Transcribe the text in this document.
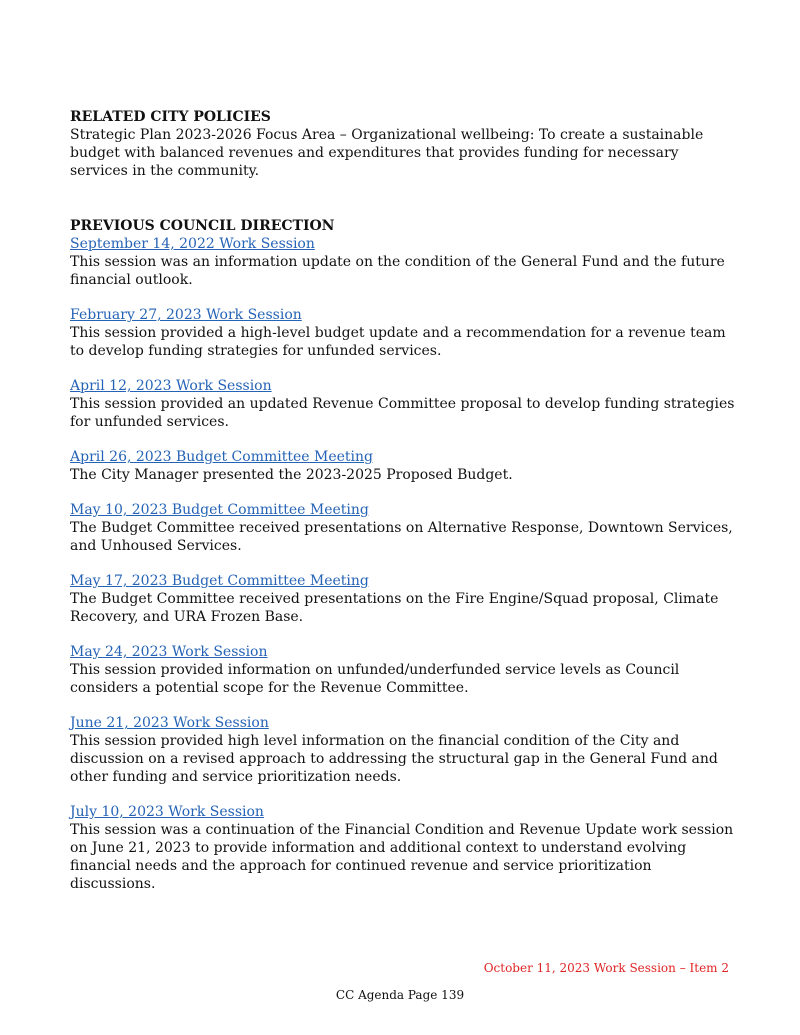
RELATED CITY POLICIES

Strategic Plan 2023-2026 Focus Area – Organizational wellbeing: To create a sustainable budget with balanced revenues and expenditures that provides funding for necessary services in the community.

PREVIOUS COUNCIL DIRECTION

September 14, 2022 Work Session

This session was an information update on the condition of the General Fund and the future financial outlook.

February 27, 2023 Work Session

This session provided a high-level budget update and a recommendation for a revenue team to develop funding strategies for unfunded services.

April 12, 2023 Work Session

This session provided an updated Revenue Committee proposal to develop funding strategies for unfunded services.

April 26, 2023 Budget Committee Meeting

The City Manager presented the 2023-2025 Proposed Budget.

May 10, 2023 Budget Committee Meeting

The Budget Committee received presentations on Alternative Response, Downtown Services, and Unhoused Services.

May 17, 2023 Budget Committee Meeting

The Budget Committee received presentations on the Fire Engine/Squad proposal, Climate Recovery, and URA Frozen Base.

May 24, 2023 Work Session

This session provided information on unfunded/underfunded service levels as Council considers a potential scope for the Revenue Committee.

June 21, 2023 Work Session

This session provided high level information on the financial condition of the City and discussion on a revised approach to addressing the structural gap in the General Fund and other funding and service prioritization needs.

July 10, 2023 Work Session

This session was a continuation of the Financial Condition and Revenue Update work session on June 21, 2023 to provide information and additional context to understand evolving financial needs and the approach for continued revenue and service prioritization discussions.

October 11, 2023 Work Session – Item 2
CC Agenda Page 139
